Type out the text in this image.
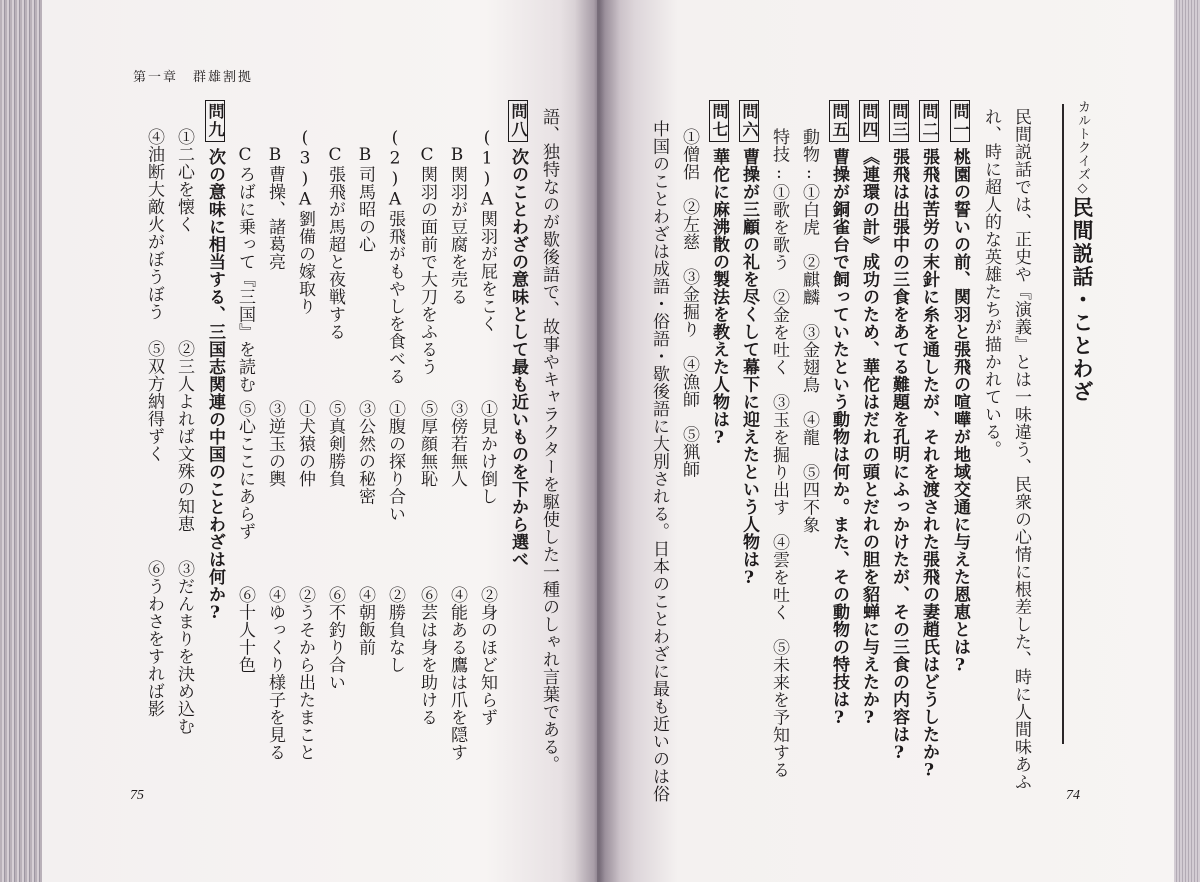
第一章　群雄割拠
75	74
カルトクイズ◇民間説話・ことわざ
民間説話では、正史や『演義』とは一味違う、民衆の心情に根差した、時に人間味あふ
れ、時に超人的な英雄たちが描かれている。
問一桃園の誓いの前、関羽と張飛の喧嘩が地域交通に与えた恩恵とは?
問二張飛は苦労の末針に糸を通したが、それを渡された張飛の妻趙氏はどうしたか?
問三張飛は出張中の三食をあてる難題を孔明にふっかけたが、その三食の内容は?
問四《連環の計》成功のため、華佗はだれの頭とだれの胆を貂蝉に与えたか?
問五曹操が銅雀台で飼っていたという動物は何か。また、その動物の特技は?
動物:①白虎　②麒麟　③金翅鳥　④龍　⑤四不象
特技:①歌を歌う　②金を吐く　③玉を掘り出す　④雲を吐く　⑤未来を予知する
問六曹操が三顧の礼を尽くして幕下に迎えたという人物は?
問七華佗に麻沸散の製法を教えた人物は?
①僧侶　②左慈　③金掘り　④漁師　⑤猟師
中国のことわざは成語・俗語・歇後語に大別される。日本のことわざに最も近いのは俗
語、独特なのが歇後語で、故事やキャラクターを駆使した一種のしゃれ言葉である。
問八次のことわざの意味として最も近いものを下から選べ
(1)A関羽が屁をこく
①見かけ倒し
②身のほど知らず
B関羽が豆腐を売る
③傍若無人
④能ある鷹は爪を隠す
C関羽の面前で大刀をふるう
⑤厚顔無恥
⑥芸は身を助ける
(2)A張飛がもやしを食べる
①腹の探り合い
②勝負なし
B司馬昭の心
③公然の秘密
④朝飯前
C張飛が馬超と夜戦する
⑤真剣勝負
⑥不釣り合い
(3)A劉備の嫁取り
①犬猿の仲
②うそから出たまこと
B曹操、諸葛亮
③逆玉の輿
④ゆっくり様子を見る
Cろばに乗って『三国』を読む
⑤心ここにあらず
⑥十人十色
問九次の意味に相当する、三国志関連の中国のことわざは何か?
①二心を懐く
②三人よれば文殊の知恵
③だんまりを決め込む
④油断大敵火がぼうぼう
⑤双方納得ずく
⑥うわさをすれば影
